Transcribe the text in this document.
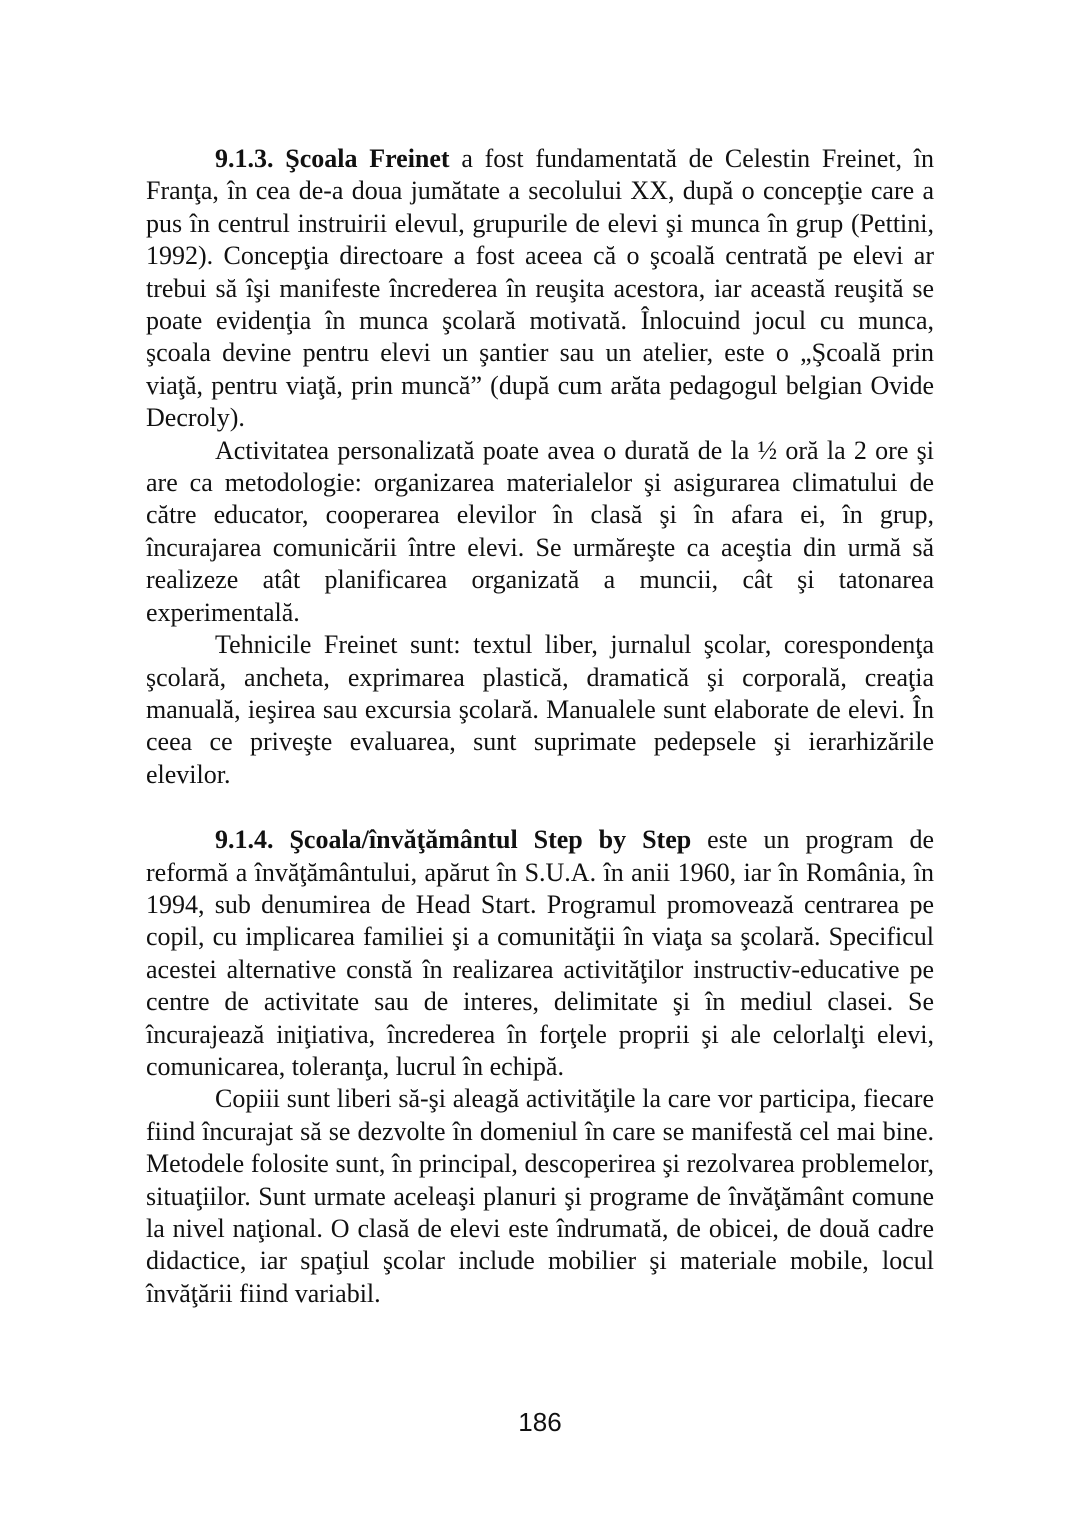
9.1.3. Şcoala Freinet a fost fundamentată de Celestin Freinet, în Franţa, în cea de-a doua jumătate a secolului XX, după o concepţie care a pus în centrul instruirii elevul, grupurile de elevi şi munca în grup (Pettini, 1992). Concepţia directoare a fost aceea că o şcoală centrată pe elevi ar trebui să îşi manifeste încrederea în reuşita acestora, iar această reuşită se poate evidenţia în munca şcolară motivată. Înlocuind jocul cu munca, şcoala devine pentru elevi un şantier sau un atelier, este o „Şcoală prin viaţă, pentru viaţă, prin muncă” (după cum arăta pedagogul belgian Ovide Decroly).

Activitatea personalizată poate avea o durată de la ½ oră la 2 ore şi are ca metodologie: organizarea materialelor şi asigurarea climatului de către educator, cooperarea elevilor în clasă şi în afara ei, în grup, încurajarea comunicării între elevi. Se urmăreşte ca aceştia din urmă să realizeze atât planificarea organizată a muncii, cât şi tatonarea experimentală.

Tehnicile Freinet sunt: textul liber, jurnalul şcolar, corespondenţa şcolară, ancheta, exprimarea plastică, dramatică şi corporală, creaţia manuală, ieşirea sau excursia şcolară. Manualele sunt elaborate de elevi. În ceea ce priveşte evaluarea, sunt suprimate pedepsele şi ierarhizările elevilor.

9.1.4. Şcoala/învăţământul Step by Step este un program de reformă a învăţământului, apărut în S.U.A. în anii 1960, iar în România, în 1994, sub denumirea de Head Start. Programul promovează centrarea pe copil, cu implicarea familiei şi a comunităţii în viaţa sa şcolară. Specificul acestei alternative constă în realizarea activităţilor instructiv-educative pe centre de activitate sau de interes, delimitate şi în mediul clasei. Se încurajează iniţiativa, încrederea în forţele proprii şi ale celorlalţi elevi, comunicarea, toleranţa, lucrul în echipă.

Copiii sunt liberi să-şi aleagă activităţile la care vor participa, fiecare fiind încurajat să se dezvolte în domeniul în care se manifestă cel mai bine. Metodele folosite sunt, în principal, descoperirea şi rezolvarea problemelor, situaţiilor. Sunt urmate aceleaşi planuri şi programe de învăţământ comune la nivel naţional. O clasă de elevi este îndrumată, de obicei, de două cadre didactice, iar spaţiul şcolar include mobilier şi materiale mobile, locul învăţării fiind variabil.

186
